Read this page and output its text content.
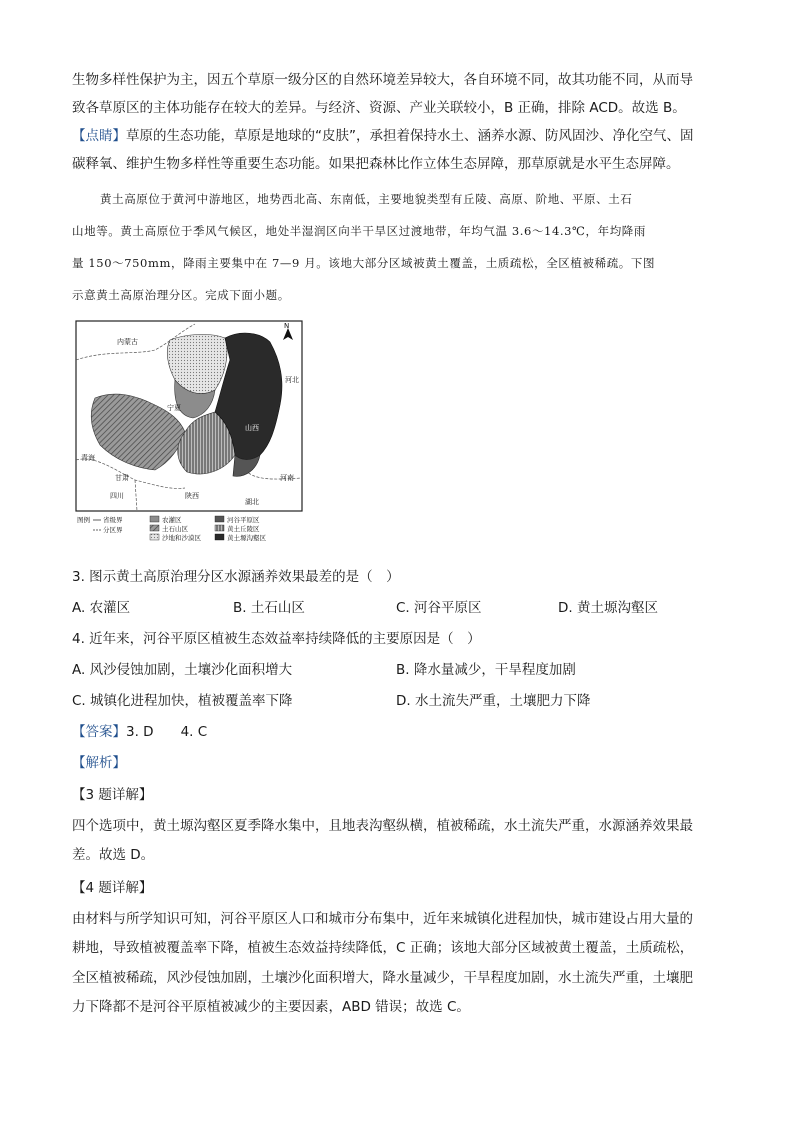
生物多样性保护为主，因五个草原一级分区的自然环境差异较大，各自环境不同，故其功能不同，从而导
致各草原区的主体功能存在较大的差异。与经济、资源、产业关联较小，B 正确，排除 ACD。故选 B。
【点睛】草原的生态功能，草原是地球的“皮肤”，承担着保持水土、涵养水源、防风固沙、净化空气、固
碳释氧、维护生物多样性等重要生态功能。如果把森林比作立体生态屏障，那草原就是水平生态屏障。
黄土高原位于黄河中游地区，地势西北高、东南低，主要地貌类型有丘陵、高原、阶地、平原、土石
山地等。黄土高原位于季风气候区，地处半湿润区向半干旱区过渡地带，年均气温 3.6～14.3℃，年均降雨
量 150～750mm，降雨主要集中在 7—9 月。该地大部分区域被黄土覆盖，土质疏松，全区植被稀疏。下图
示意黄土高原治理分区。完成下面小题。
N
内蒙古
河北
青海
甘肃
宁夏
山西
陕西
河南
四川
湖北
图例 省级界
分区界
农灌区
土石山区
沙地和沙漠区
河谷平原区
黄土丘陵区
黄土塬沟壑区
3. 图示黄土高原治理分区水源涵养效果最差的是（　）
A. 农灌区	B. 土石山区	C. 河谷平原区	D. 黄土塬沟壑区
4. 近年来，河谷平原区植被生态效益率持续降低的主要原因是（　）
A. 风沙侵蚀加剧，土壤沙化面积增大	B. 降水量减少，干旱程度加剧
C. 城镇化进程加快，植被覆盖率下降	D. 水土流失严重，土壤肥力下降
【答案】3. D　　4. C
【解析】
【3 题详解】
四个选项中，黄土塬沟壑区夏季降水集中，且地表沟壑纵横，植被稀疏，水土流失严重，水源涵养效果最
差。故选 D。
【4 题详解】
由材料与所学知识可知，河谷平原区人口和城市分布集中，近年来城镇化进程加快，城市建设占用大量的
耕地，导致植被覆盖率下降，植被生态效益持续降低，C 正确；该地大部分区域被黄土覆盖，土质疏松，
全区植被稀疏，风沙侵蚀加剧，土壤沙化面积增大，降水量减少，干旱程度加剧，水土流失严重，土壤肥
力下降都不是河谷平原植被减少的主要因素，ABD 错误；故选 C。
